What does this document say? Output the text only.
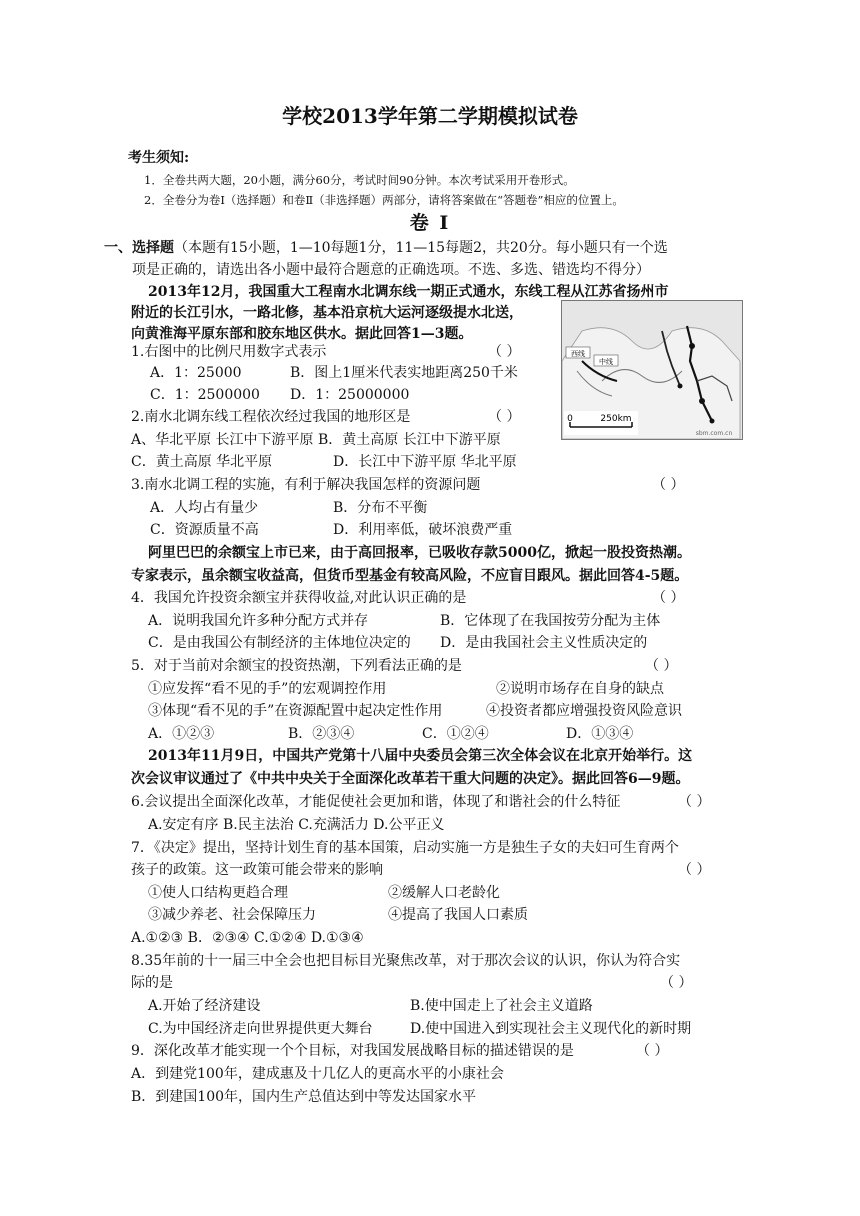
学校2013学年第二学期模拟试卷
考生须知:
1．全卷共两大题，20小题，满分60分，考试时间90分钟。本次考试采用开卷形式。
2．全卷分为卷Ⅰ（选择题）和卷Ⅱ（非选择题）两部分，请将答案做在“答题卷”相应的位置上。
卷 Ⅰ
一、选择题（本题有15小题，1—10每题1分，11—15每题2，共20分。每小题只有一个选
项是正确的，请选出各小题中最符合题意的正确选项。不选、多选、错选均不得分）
2013年12月，我国重大工程南水北调东线一期正式通水，东线工程从江苏省扬州市
附近的长江引水，一路北修，基本沿京杭大运河逐级提水北送，
向黄淮海平原东部和胶东地区供水。据此回答1—3题。
西线
中线
0	250km
sbm.com.cn
1.右图中的比例尺用数字式表示	（ ）
A．1：25000	B．图上1厘米代表实地距离250千米
C．1：2500000 D．1：25000000
2.南水北调东线工程依次经过我国的地形区是	（ ）
A、华北平原 长江中下游平原 B．黄土高原 长江中下游平原
C．黄土高原 华北平原	D．长江中下游平原 华北平原
3.南水北调工程的实施，有利于解决我国怎样的资源问题	（ ）
A．人均占有量少	B．分布不平衡
C．资源质量不高	D．利用率低，破坏浪费严重
阿里巴巴的余额宝上市已来，由于高回报率，已吸收存款5000亿，掀起一股投资热潮。
专家表示，虽余额宝收益高，但货币型基金有较高风险，不应盲目跟风。据此回答4-5题。
4．我国允许投资余额宝并获得收益,对此认识正确的是	（ ）
A．说明我国允许多种分配方式并存	B．它体现了在我国按劳分配为主体
C．是由我国公有制经济的主体地位决定的 D．是由我国社会主义性质决定的
5．对于当前对余额宝的投资热潮，下列看法正确的是	（ ）
①应发挥“看不见的手”的宏观调控作用	②说明市场存在自身的缺点
③体现“看不见的手”在资源配置中起决定性作用	④投资者都应增强投资风险意识
A．①②③	B．②③④	C．①②④	D．①③④
2013年11月9日，中国共产党第十八届中央委员会第三次全体会议在北京开始举行。这
次会议审议通过了《中共中央关于全面深化改革若干重大问题的决定》。据此回答6—9题。
6.会议提出全面深化改革，才能促使社会更加和谐，体现了和谐社会的什么特征	（ ）
A.安定有序 B.民主法治 C.充满活力 D.公平正义
7．《决定》提出，坚持计划生育的基本国策，启动实施一方是独生子女的夫妇可生育两个
孩子的政策。这一政策可能会带来的影响	（ ）
①使人口结构更趋合理	②缓解人口老龄化
③减少养老、社会保障压力	④提高了我国人口素质
A.①②③ B．②③④ C.①②④ D.①③④
8.35年前的十一届三中全会也把目标目光聚焦改革，对于那次会议的认识，你认为符合实
际的是	（ ）
A.开始了经济建设	B.使中国走上了社会主义道路
C.为中国经济走向世界提供更大舞台	D.使中国进入到实现社会主义现代化的新时期
9．深化改革才能实现一个个目标，对我国发展战略目标的描述错误的是	（ ）
A．到建党100年，建成惠及十几亿人的更高水平的小康社会
B．到建国100年，国内生产总值达到中等发达国家水平
